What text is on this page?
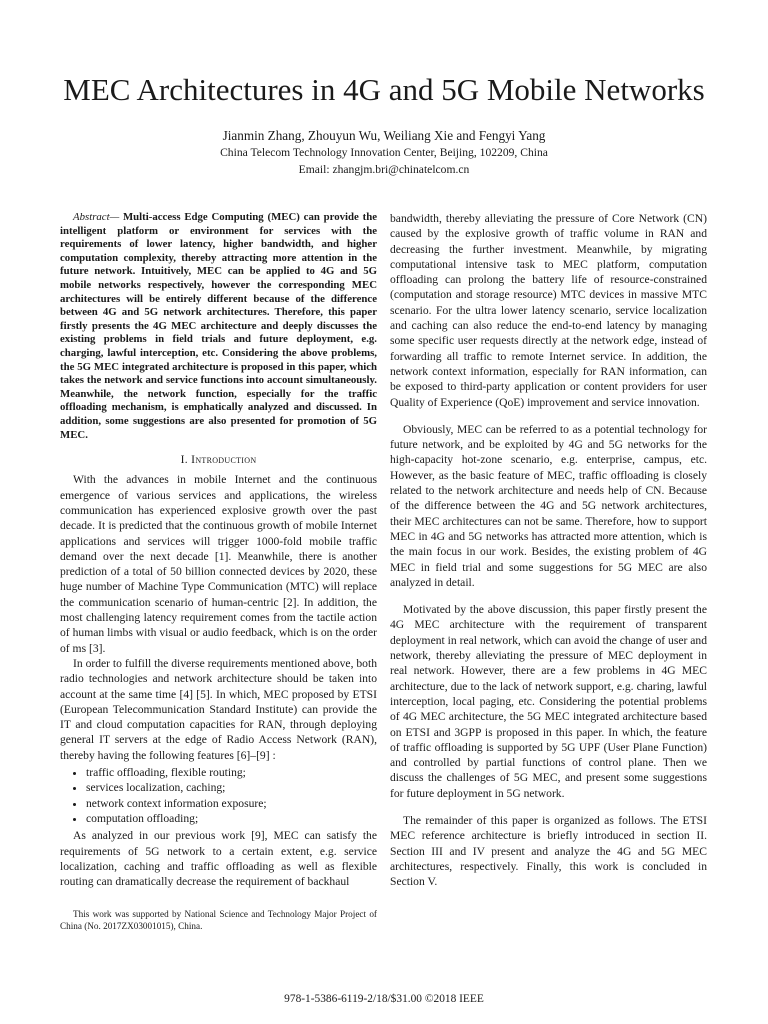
MEC Architectures in 4G and 5G Mobile Networks
Jianmin Zhang, Zhouyun Wu, Weiliang Xie and Fengyi Yang
China Telecom Technology Innovation Center, Beijing, 102209, China
Email: zhangjm.bri@chinatelcom.cn

Abstract— Multi-access Edge Computing (MEC) can provide the intelligent platform or environment for services with the requirements of lower latency, higher bandwidth, and higher computation complexity, thereby attracting more attention in the future network. Intuitively, MEC can be applied to 4G and 5G mobile networks respectively, however the corresponding MEC architectures will be entirely different because of the difference between 4G and 5G network architectures. Therefore, this paper firstly presents the 4G MEC architecture and deeply discusses the existing problems in field trials and future deployment, e.g. charging, lawful interception, etc. Considering the above problems, the 5G MEC integrated architecture is proposed in this paper, which takes the network and service functions into account simultaneously. Meanwhile, the network function, especially for the traffic offloading mechanism, is emphatically analyzed and discussed. In addition, some suggestions are also presented for promotion of 5G MEC.

I. Introduction

With the advances in mobile Internet and the continuous emergence of various services and applications, the wireless communication has experienced explosive growth over the past decade. It is predicted that the continuous growth of mobile Internet applications and services will trigger 1000-fold mobile traffic demand over the next decade [1]. Meanwhile, there is another prediction of a total of 50 billion connected devices by 2020, these huge number of Machine Type Communication (MTC) will replace the communication scenario of human-centric [2]. In addition, the most challenging latency requirement comes from the tactile action of human limbs with visual or audio feedback, which is on the order of ms [3].

In order to fulfill the diverse requirements mentioned above, both radio technologies and network architecture should be taken into account at the same time [4] [5]. In which, MEC proposed by ETSI (European Telecommunication Standard Institute) can provide the IT and cloud computation capacities for RAN, through deploying general IT servers at the edge of Radio Access Network (RAN), thereby having the following features [6]–[9] :

• traffic offloading, flexible routing;
• services localization, caching;
• network context information exposure;
• computation offloading;

As analyzed in our previous work [9], MEC can satisfy the requirements of 5G network to a certain extent, e.g. service localization, caching and traffic offloading as well as flexible routing can dramatically decrease the requirement of backhaul

bandwidth, thereby alleviating the pressure of Core Network (CN) caused by the explosive growth of traffic volume in RAN and decreasing the further investment. Meanwhile, by migrating computational intensive task to MEC platform, computation offloading can prolong the battery life of resource-constrained (computation and storage resource) MTC devices in massive MTC scenario. For the ultra lower latency scenario, service localization and caching can also reduce the end-to-end latency by managing some specific user requests directly at the network edge, instead of forwarding all traffic to remote Internet service. In addition, the network context information, especially for RAN information, can be exposed to third-party application or content providers for user Quality of Experience (QoE) improvement and service innovation.

Obviously, MEC can be referred to as a potential technology for future network, and be exploited by 4G and 5G networks for the high-capacity hot-zone scenario, e.g. enterprise, campus, etc. However, as the basic feature of MEC, traffic offloading is closely related to the network architecture and needs help of CN. Because of the difference between the 4G and 5G network architectures, their MEC architectures can not be same. Therefore, how to support MEC in 4G and 5G networks has attracted more attention, which is the main focus in our work. Besides, the existing problem of 4G MEC in field trial and some suggestions for 5G MEC are also analyzed in detail.

Motivated by the above discussion, this paper firstly present the 4G MEC architecture with the requirement of transparent deployment in real network, which can avoid the change of user and network, thereby alleviating the pressure of MEC deployment in real network. However, there are a few problems in 4G MEC architecture, due to the lack of network support, e.g. charing, lawful interception, local paging, etc. Considering the potential problems of 4G MEC architecture, the 5G MEC integrated architecture based on ETSI and 3GPP is proposed in this paper. In which, the feature of traffic offloading is supported by 5G UPF (User Plane Function) and controlled by partial functions of control plane. Then we discuss the challenges of 5G MEC, and present some suggestions for future deployment in 5G network.

The remainder of this paper is organized as follows. The ETSI MEC reference architecture is briefly introduced in section II. Section III and IV present and analyze the 4G and 5G MEC architectures, respectively. Finally, this work is concluded in Section V.

This work was supported by National Science and Technology Major Project of China (No. 2017ZX03001015), China.
978-1-5386-6119-2/18/$31.00 ©2018 IEEE
